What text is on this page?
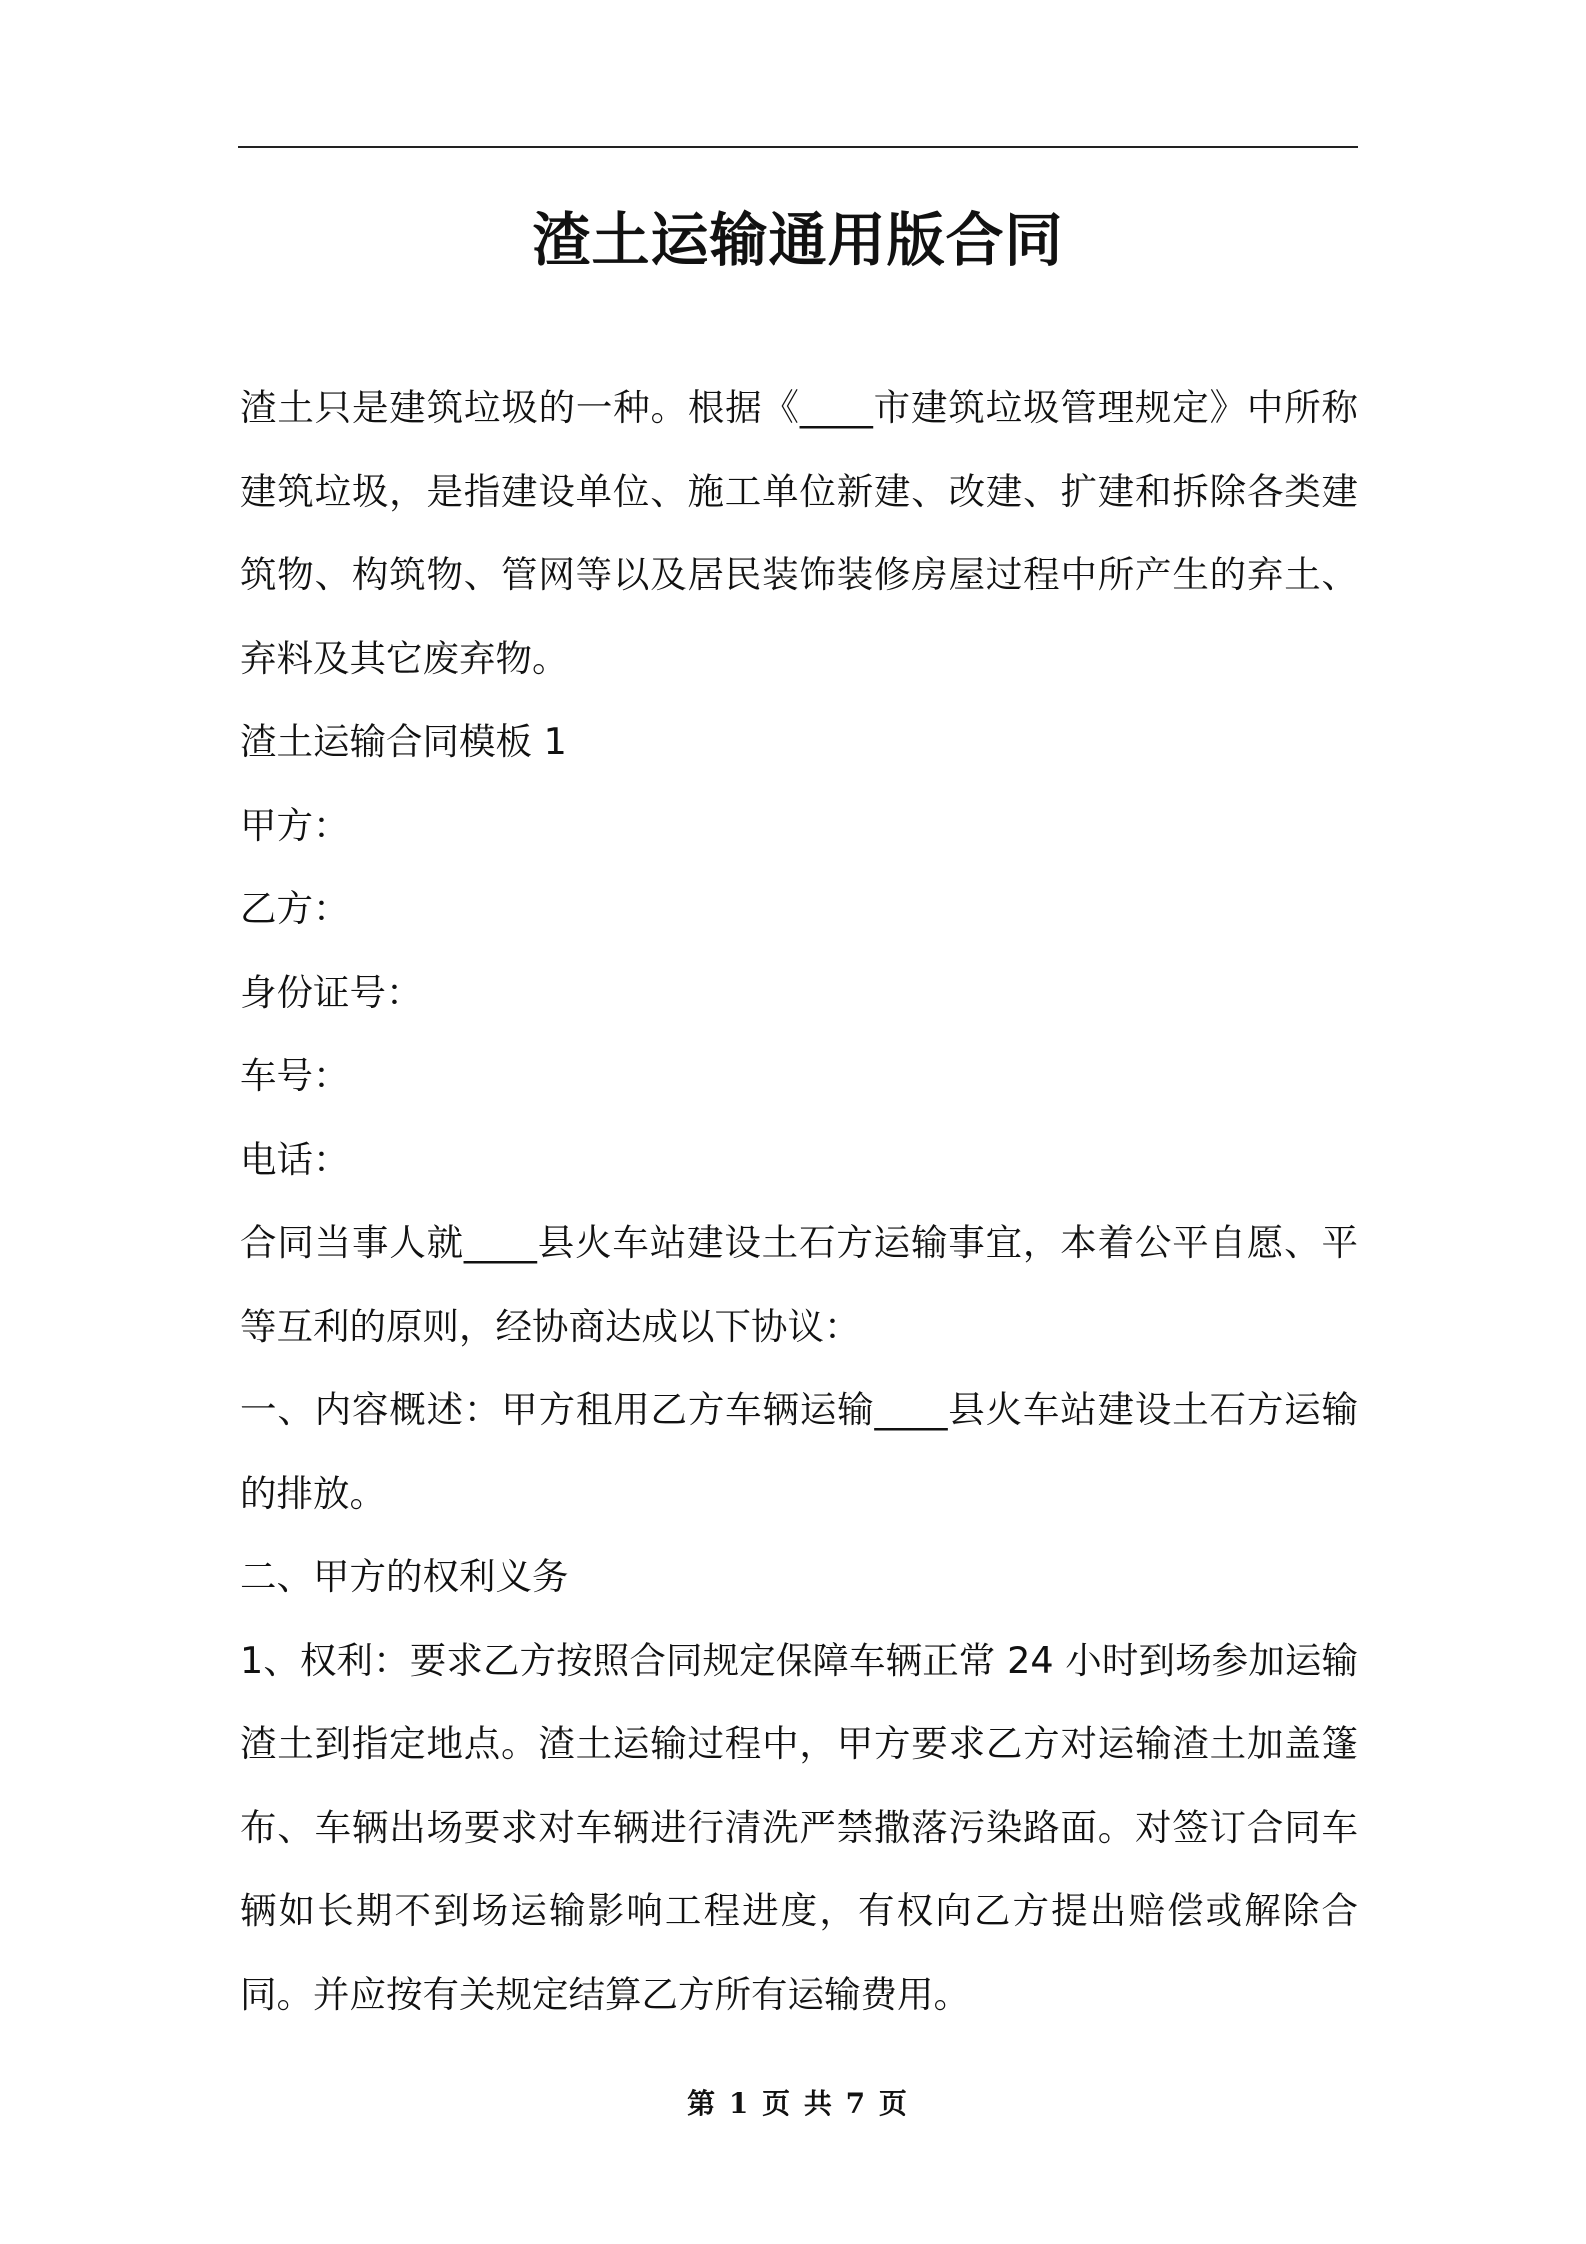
渣土运输通用版合同

渣土只是建筑垃圾的一种。根据《____市建筑垃圾管理规定》中所称建筑垃圾，是指建设单位、施工单位新建、改建、扩建和拆除各类建筑物、构筑物、管网等以及居民装饰装修房屋过程中所产生的弃土、弃料及其它废弃物。

渣土运输合同模板 1

甲方：

乙方：

身份证号：

车号：

电话：

合同当事人就____县火车站建设土石方运输事宜，本着公平自愿、平等互利的原则，经协商达成以下协议：

一、内容概述：甲方租用乙方车辆运输____县火车站建设土石方运输的排放。

二、甲方的权利义务

1、权利：要求乙方按照合同规定保障车辆正常 24 小时到场参加运输渣土到指定地点。渣土运输过程中，甲方要求乙方对运输渣土加盖篷布、车辆出场要求对车辆进行清洗严禁撒落污染路面。对签订合同车辆如长期不到场运输影响工程进度，有权向乙方提出赔偿或解除合同。并应按有关规定结算乙方所有运输费用。

第 1 页 共 7 页
